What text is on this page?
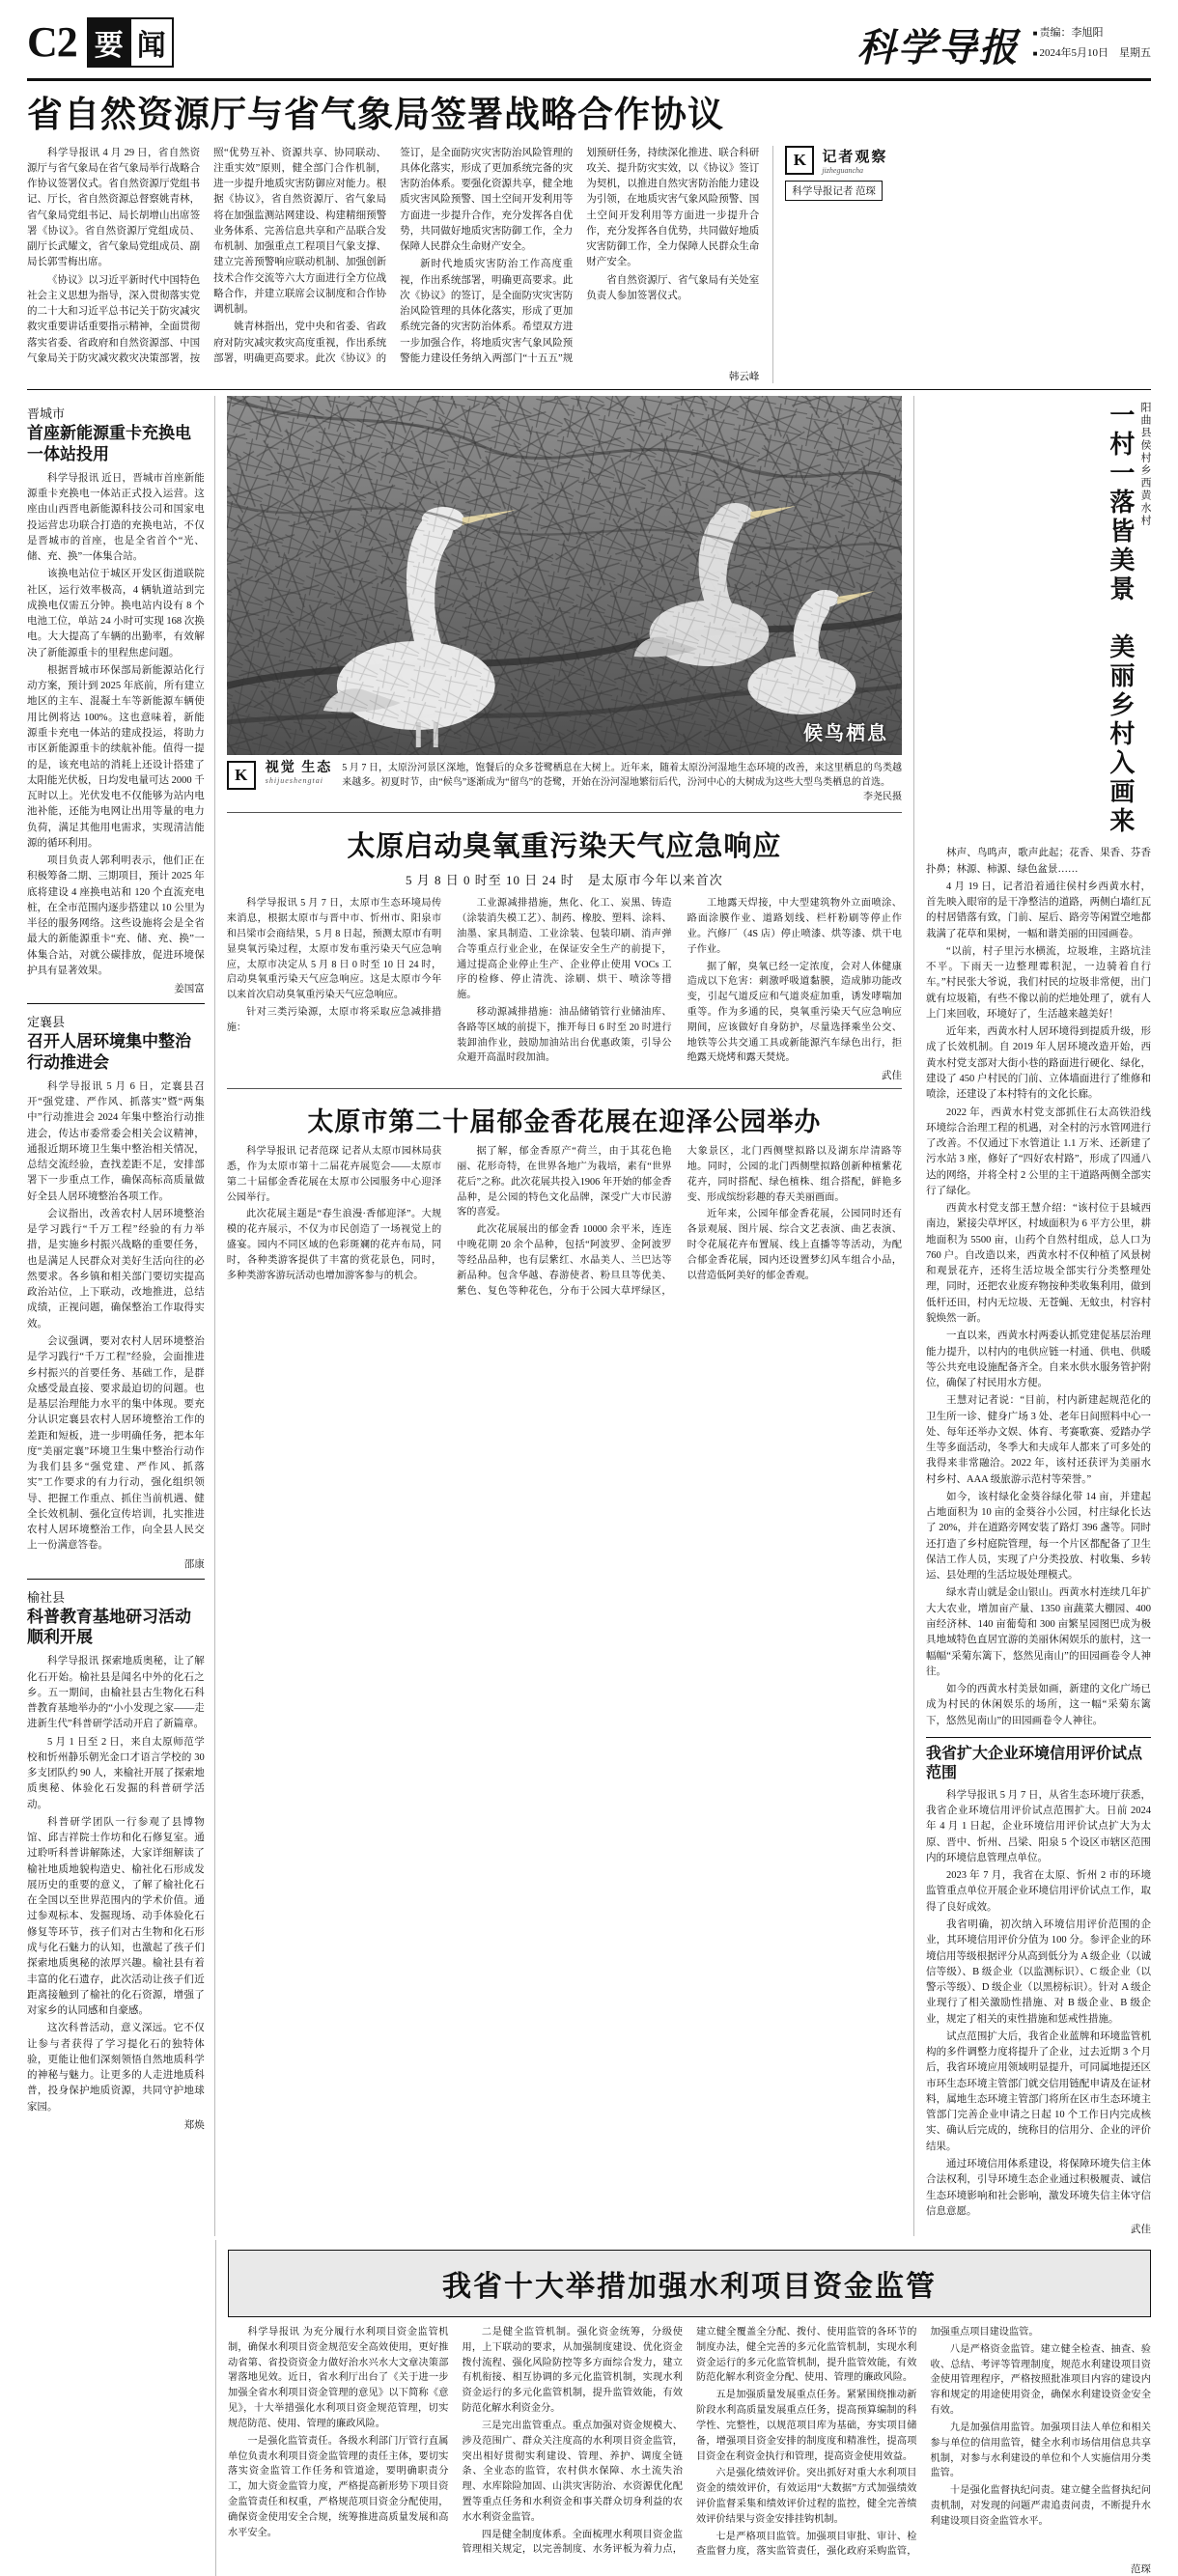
C2 要 闻	科学导报	■ 责编：李旭阳
■ 2024年5月10日　星期五
省自然资源厅与省气象局签署战略合作协议

科学导报讯 4 月 29 日，省自然资源厅与省气象局在省气象局举行战略合作协议签署仪式。省自然资源厅党组书记、厅长，省自然资源总督察姚青林，省气象局党组书记、局长胡增山出席签署《协议》。省自然资源厅党组成员、副厅长武耀文，省气象局党组成员、副局长郭雪梅出席。

《协议》以习近平新时代中国特色社会主义思想为指导，深入贯彻落实党的二十大和习近平总书记关于防灾减灾救灾重要讲话重要指示精神，全面贯彻落实省委、省政府和自然资源部、中国气象局关于防灾减灾救灾决策部署，按照“优势互补、资源共享、协同联动、注重实效”原则，健全部门合作机制，进一步提升地质灾害防御应对能力。根据《协议》，省自然资源厅、省气象局将在加强监测站网建设、构建精细预警业务体系、完善信息共享和产品联合发布机制、加强重点工程项目气象支撑、建立完善预警响应联动机制、加强创新技术合作交流等六大方面进行全方位战略合作，并建立联席会议制度和合作协调机制。

姚青林指出，党中央和省委、省政府对防灾减灾救灾高度重视，作出系统部署，明确更高要求。此次《协议》的签订，是全面防灾灾害防治风险管理的具体化落实，形成了更加系统完备的灾害防治体系。要强化资源共享，健全地质灾害风险预警、国土空间开发利用等方面进一步提升合作，充分发挥各自优势，共同做好地质灾害防御工作，全力保障人民群众生命财产安全。

新时代地质灾害防治工作高度重视，作出系统部署，明确更高要求。此次《协议》的签订，是全面防灾灾害防治风险管理的具体化落实，形成了更加系统完备的灾害防治体系。希望双方进一步加强合作，将地质灾害气象风险预警能力建设任务纳入两部门“十五五”规划预研任务，持续深化推进、联合科研攻关、提升防灾实效，以《协议》签订为契机，以推进自然灾害防治能力建设为引领，在地质灾害气象风险预警、国土空间开发利用等方面进一步提升合作，充分发挥各自优势，共同做好地质灾害防御工作，全力保障人民群众生命财产安全。

省自然资源厅、省气象局有关处室负责人参加签署仪式。

韩云峰
K	记者观察
jizheguancha
科学导报记者 范琛
晋城市
首座新能源重卡充换电一体站投用

科学导报讯 近日，晋城市首座新能源重卡充换电一体站正式投入运营。这座由山西晋电新能源科技公司和国家电投运营忠功联合打造的充换电站，不仅是晋城市的首座，也是全省首个“光、储、充、换”一体集合站。

该换电站位于城区开发区街道联院社区，运行效率极高，4 辆轨道站到完成换电仅需五分钟。换电站内设有 8 个电池工位，单站 24 小时可实现 168 次换电。大大提高了车辆的出勤率，有效解决了新能源重卡的里程焦虑问题。

根据晋城市环保部局新能源站化行动方案，预计到 2025 年底前，所有建立地区的主车、混凝土车等新能源车辆使用比例将达 100%。这也意味着，新能源重卡充电一体站的建成投运，将助力市区新能源重卡的续航补能。值得一提的是，该充电站的消耗上还设计搭建了太阳能光伏板，日均发电量可达 2000 千瓦时以上。光伏发电不仅能够为站内电池补能，还能为电网让出用等量的电力负荷，满足其他用电需求，实现清洁能源的循环利用。

项目负责人郭利明表示，他们正在积极筹备二期、三期项目，预计 2025 年底将建设 4 座换电站和 120 个直流充电桩，在全市范围内逐步搭建以 10 公里为半径的服务网络。这些设施将会是全省最大的新能源重卡“充、储、充、换”一体集合站，对就公碳排放，促进环境保护具有显著效果。

姜国富
定襄县
召开人居环境集中整治行动推进会

科学导报讯 5 月 6 日，定襄县召开“强党建、严作风、抓落实”暨“两集中”行动推进会 2024 年集中整治行动推进会，传达市委常委会相关会议精神，通报近期环境卫生集中整治相关情况，总结交流经验，查找差距不足，安排部署下一步重点工作，确保高标高质量做好全县人居环境整治各项工作。

会议指出，改善农村人居环境整治是学习践行“千万工程”经验的有力举措，是实施乡村振兴战略的重要任务，也是满足人民群众对美好生活向往的必然要求。各乡镇和相关部门要切实提高政治站位，上下联动，改地推进，总结成绩，正视问题，确保整治工作取得实效。

会议强调，要对农村人居环境整治是学习践行“千万工程”经验，会面推进乡村振兴的首要任务、基础工作，是群众感受最直接、要求最迫切的问题。也是基层治理能力水平的集中体现。要充分认识定襄县农村人居环境整治工作的差距和短板，进一步明确任务，把本年度“美丽定襄”环境卫生集中整治行动作为我们县多“强党建、严作风、抓落实”工作要求的有力行动，强化组织领导、把握工作重点、抓住当前机遇、健全长效机制、强化宣传培训，扎实推进农村人居环境整治工作，向全县人民交上一份满意答卷。

邵康
榆社县
科普教育基地研习活动顺利开展

科学导报讯 探索地质奥秘，让了解化石开始。榆社县是闻名中外的化石之乡。五一期间，由榆社县古生物化石科普教育基地举办的“小小发现之家——走进新生代”科普研学活动开启了新篇章。

5 月 1 日至 2 日，来自太原师范学校和忻州静乐朝光金口才语言学校的 30 多支团队约 90 人，来榆社开展了探索地质奥秘、体验化石发掘的科普研学活动。

科普研学团队一行参观了县博物馆、邱吉祥院士作坊和化石修复室。通过聆听科普讲解陈述，大家详细解读了榆社地质地貌构造史、榆社化石形成发展历史的重要的意义，了解了榆社化石在全国以至世界范围内的学术价值。通过参观标本、发掘现场、动手体验化石修复等环节，孩子们对古生物和化石形成与化石魅力的认知，也激起了孩子们探索地质奥秘的浓厚兴趣。榆社县有着丰富的化石遗存，此次活动让孩子们近距离接触到了榆社的化石资源，增强了对家乡的认同感和自豪感。

这次科普活动，意义深远。它不仅让参与者获得了学习提化石的独特体验，更能让他们深刻领悟自然地质科学的神秘与魅力。让更多的人走进地质科普，投身保护地质资源，共同守护地球家园。

郑焕
候鸟栖息
K	视觉 生态
shijueshengtai
5 月 7 日，太原汾河景区深地，饱餐后的众多苍鹭栖息在大树上。近年来，随着太原汾河湿地生态环境的改善，来这里栖息的鸟类越来越多。初夏时节，由“候鸟”逐渐成为“留鸟”的苍鹭，开始在汾河湿地繁衍后代，汾河中心的大树成为这些大型鸟类栖息的首选。
李尧民摄
太原启动臭氧重污染天气应急响应
5 月 8 日 0 时至 10 日 24 时　是太原市今年以来首次

科学导报讯 5 月 7 日，太原市生态环境局传来消息，根据太原市与晋中市、忻州市、阳泉市和吕梁市会商结果，5 月 8 日起，预测太原市有明显臭氧污染过程，太原市发布重污染天气应急响应，太原市决定从 5 月 8 日 0 时至 10 日 24 时，启动臭氧重污染天气应急响应。这是太原市今年以来首次启动臭氧重污染天气应急响应。

针对三类污染源，太原市将采取应急减排措施：

工业源减排措施，焦化、化工、炭黑、铸造（涂装消失模工艺）、制药、橡胶、塑料、涂料、油墨、家具制造、工业涂装、包装印刷、消声弹合等重点行业企业，在保证安全生产的前提下，通过提高企业停止生产、企业停止使用 VOCs 工序的检修、停止清洗、涂刷、烘干、喷涂等措施。

移动源减排措施：油品储销管行业储油库、各路等区域的前提下，推开每日 6 时至 20 时进行装卸油作业，鼓励加油站出台优惠政策，引导公众避开高温时段加油。

工地露天焊接，中大型建筑物外立面喷涂、路面涂膜作业、道路划线、栏杆粉刷等停止作业。汽修厂（4S 店）停止喷漆、烘等漆、烘干电子作业。

据了解，臭氧已经一定浓度，会对人体健康造成以下危害：刺激呼吸道黏膜，造成肺功能改变，引起气道反应和气道炎症加重，诱发哮喘加重等。作为多通的民，臭氧重污染天气应急响应期间，应该做好自身防护，尽量选择乘坐公交、地铁等公共交通工具或新能源汽车绿色出行，拒绝露天烧烤和露天焚烧。

武佳
太原市第二十届郁金香花展在迎泽公园举办

科学导报讯 记者范琛 记者从太原市园林局获悉，作为太原市第十二届花卉展览会——太原市第二十届郁金香花展在太原市公园服务中心迎泽公园举行。

此次花展主题是“春生浪漫·香郁迎泽”。大规模的花卉展示，不仅为市民创造了一场视觉上的盛宴。园内不同区域的色彩斑斓的花卉布局，同时，各种类游客提供了丰富的赏花景色，同时，多种类游客游玩活动也增加游客参与的机会。

据了解，郁金香原产“荷兰，由于其花色艳丽、花形奇特，在世界各地广为栽培，素有“世界花后”之称。此次花展共投入1906 年开始的郁金香品种，是公园的特色文化品牌，深受广大市民游客的喜爱。

此次花展展出的郁金香 10000 余平米，连连中晚花期 20 余个品种，包括“阿波罗、金阿波罗等经品品种，也有层紫红、水晶美人、兰巴达等新品种。包含华越、春游使者、粉旦旦等优美、紫色、复色等种花色，分布于公园大草坪绿区，大象景区，北门西侧壁拟路以及湖东岸清路等地。同时，公园的北门西侧壁拟路创新种植紫花花卉，同时搭配、绿色植株、组合搭配，鲜艳多变、形成缤纷彩趣的春天美丽画面。

近年来，公园年郁金香花展，公园同时还有各景观展、图片展、综合文艺表演、曲艺表演、时令花展花卉布置展、线上直播等等活动，为配合郁金香花展，园内还设置梦幻风车组合小品，以营造低阿美好的郁金香观。

一村一落皆美景　美丽乡村入画来 阳曲县侯村乡西黄水村

林声、鸟鸣声，歌声此起；花香、果香、芬香扑鼻；林源、柿源、绿色盆景……

4 月 19 日，记者沿着通往侯村乡西黄水村，首先映入眼帘的是干净整洁的道路，两侧白墙红瓦的村居错落有致，门前、屋后、路旁等闲置空地都栽满了花草和果树，一幅和谐美丽的田园画卷。

“以前，村子里污水横流，垃圾堆，主路坑洼不平。下雨天一边整理霉积泥，一边骑着自行车。”村民张大爷说，我们村民的垃圾非常便，出门就有垃圾箱，有些不像以前的烂地处理了，就有人上门来回收，环境好了，生活越来越美好！

近年来，西黄水村人居环境得到提质升级，形成了长效机制。自 2019 年人居环境改造开始，西黄水村党支部对大街小巷的路面进行硬化、绿化，建设了 450 户村民的门前、立体墙面进行了维修和喷涂，还建设了本村特有的文化长廊。

2022 年，西黄水村党支部抓住石太高铁沿线环境综合治理工程的机遇，对全村的污水管网进行了改善。不仅通过下水管道让 1.1 万米、还新建了污水站 3 座，修好了“四好农村路”，形成了四通八达的网络，并将全村 2 公里的主干道路两侧全部实行了绿化。

西黄水村党支部王慧介绍：“该村位于县城西南边，紧接尖草坪区，村域面积为 6 平方公里，耕地面积为 5500 亩，山药个自然村组成，总人口为 760 户。自改造以来，西黄水村不仅种植了风景树和观景花卉，还将生活垃圾全部实行分类整理处理，同时，还把农业废弃物按种类收集利用，做到低杆还田，村内无垃圾、无苍蝇、无蚊虫，村容村貌焕然一新。

一直以来，西黄水村两委认抓党建促基层治理能力提升，以村内的电供应链一村通、供电、供暖等公共充电设施配备齐全。自来水供水服务管护附位，确保了村民用水方便。

王慧对记者说：“目前，村内新建起规范化的卫生所一诊、健身广场 3 处、老年日间照料中心一处、每年还举办文娱、体育、考赛歌赛、爱踏办学生等多面活动，冬季大和夫成年人都来了可多处的我得来非常融洽。2022 年，该村还获评为美丽水村乡村、AAA 级旅游示范村等荣誉。”

如今，该村绿化金葵谷绿化带 14 亩，并建起占地面积为 10 亩的金葵谷小公园，村庄绿化长达了 20%，并在道路旁网安装了路灯 396 盏等。同时还打造了乡村庭院管理，每一个片区都配备了卫生保洁工作人员，实现了户分类投放、村收集、乡转运、县处理的生活垃圾处理模式。

绿水青山就是金山银山。西黄水村连续几年扩大大农业，增加亩产量、1350 亩蔬菜大棚园、400 亩经济林、140 亩葡萄和 300 亩繁星园图巴成为极具地域特色直居宜游的美丽休闲娱乐的旅村，这一幅幅“采菊东篱下，悠然见南山”的田园画卷令人神往。

如今的西黄水村美景如画，新建的文化广场已成为村民的休闲娱乐的场所，这一幅“采菊东篱下，悠然见南山”的田园画卷令人神往。

我省扩大企业环境信用评价试点范围

科学导报讯 5 月 7 日，从省生态环境厅获悉，我省企业环境信用评价试点范围扩大。日前 2024 年 4 月 1 日起，企业环境信用评价试点扩大为太原、晋中、忻州、吕梁、阳泉 5 个设区市辖区范围内的环境信息管理点单位。

2023 年 7 月，我省在太原、忻州 2 市的环境监管重点单位开展企业环境信用评价试点工作，取得了良好成效。

我省明确，初次纳入环境信用评价范围的企业，其环境信用评价分值为 100 分。参评企业的环境信用等级根据评分从高到低分为 A 级企业（以诚信等级）、B 级企业（以监测标识）、C 级企业（以警示等级）、D 级企业（以黑榜标识）。针对 A 级企业现行了相关激励性措施、对 B 级企业、B 级企业，规定了相关的束性措施和惩戒性措施。

试点范围扩大后，我省企业蓝牌和环境监管机构的多件调整力度将提升了企业，过去近期 3 个月后，我省环境应用领域明显提升，可同属地提还区市环生态环境主管部门就交信用链配申请及在证材料，属地生态环境主管部门将所在区市生态环境主管部门完善企业申请之日起 10 个工作日内完成核实、确认后完成的，统称目的信用分、企业的评价结果。

通过环境信用体系建设，将保障环境失信主体合法权利，引导环境生态企业通过积极履责、诚信生态环境影响和社会影响，激发环境失信主体守信信息意愿。

武佳
我省十大举措加强水利项目资金监管

科学导报讯 为充分履行水利项目资金监管机制，确保水利项目资金规范安全高效使用，更好推动省第、省投资资金力做好治水兴水大文章决策部署落地见效。近日，省水利厅出台了《关于进一步加强全省水利项目资金管理的意见》以下简称《意见》，十大举措强化水利项目资金规范管理，切实规范防范、使用、管理的廉政风险。

一是强化监管责任。各级水利部门厅管行直属单位负责水利项目资金监管理的责任主体，要切实落实资金监管工作任务和管道途，要明确职责分工，加大资金监管力度，严格提高新形势下项目资金监管责任和权重，严格规范项目资金分配使用，确保资金使用安全合规，统筹推进高质量发展和高水平安全。

二是健全监管机制。强化资金统筹，分级使用，上下联动的要求，从加强制度建设、优化资金拨付流程、强化风险防控等多方面综合发力，建立有机衔接、相互协调的多元化监管机制，实现水利资金运行的多元化监管机制，提升监管效能，有效防范化解水利资金分。

三是完出监管重点。重点加强对资金规模大、涉及范围广、群众关注度高的水利项目资金监管，突出相好贯彻实利建设、管理、养护、调度全链条、全业态的监管，农村供水保障、水土流失治理、水库除险加固、山洪灾害防治、水资源优化配置等重点任务和水利资金和事关群众切身利益的农水水利资金监管。

四是健全制度体系。全面梳理水利项目资金监管理相关规定，以完善制度、水务评板为着力点，建立健全覆盖全分配、拨付、使用监管的各环节的制度办法，健全完善的多元化监管机制，实现水利资金运行的多元化监管机制，提升监管效能，有效防范化解水利资金分配、使用、管理的廉政风险。

五是加强质量发展重点任务。紧紧围绕推动新阶段水利高质量发展重点任务，提高预算编制的科学性、完整性，以规范项目库为基础，夯实项目储备，增强项目资金安排的制度度和精准性，提高项目资金在利资金执行和管理，提高资金使用效益。

六是强化绩效评价。突出抓好对重大水利项目资金的绩效评价，有效运用“大数据”方式加强绩效评价监督采集和绩效评价过程的监控，健全完善绩效评价结果与资金安排挂钩机制。

七是严格项目监管。加强项目审批、审计、检查监督力度，落实监管责任，强化政府采购监管，加强重点项目建设监管。

八是严格资金监管。建立健全检查、抽查、验收、总结、考评等管理制度，规范水利建设项目资金使用管理程序，严格按照批准项目内容的建设内容和规定的用途使用资金，确保水利建设资金安全有效。

九是加强信用监管。加强项目法人单位和相关参与单位的信用监管，健全水利市场信用信息共享机制，对参与水利建设的单位和个人实施信用分类监管。

十是强化监督执纪问责。建立健全监督执纪问责机制，对发现的问题严肃追责问责，不断提升水利建设项目资金监管水平。

范琛
